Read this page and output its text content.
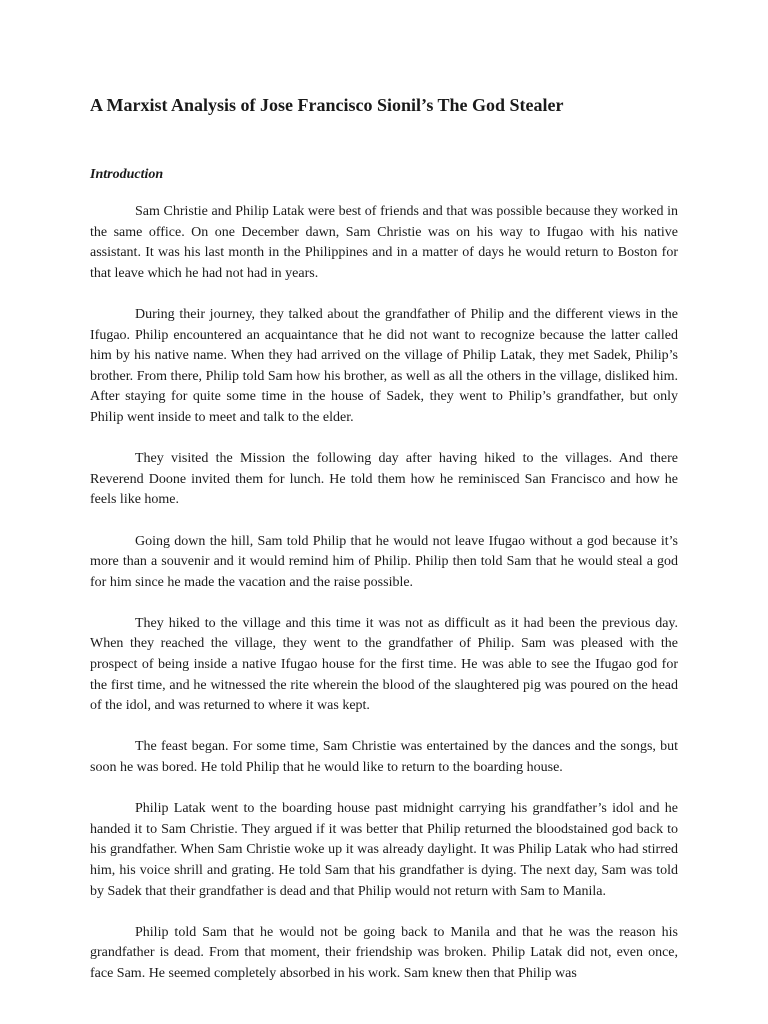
A Marxist Analysis of Jose Francisco Sionil’s The God Stealer
Introduction

Sam Christie and Philip Latak were best of friends and that was possible because they worked in the same office. On one December dawn, Sam Christie was on his way to Ifugao with his native assistant. It was his last month in the Philippines and in a matter of days he would return to Boston for that leave which he had not had in years.

During their journey, they talked about the grandfather of Philip and the different views in the Ifugao. Philip encountered an acquaintance that he did not want to recognize because the latter called him by his native name. When they had arrived on the village of Philip Latak, they met Sadek, Philip’s brother. From there, Philip told Sam how his brother, as well as all the others in the village, disliked him. After staying for quite some time in the house of Sadek, they went to Philip’s grandfather, but only Philip went inside to meet and talk to the elder.

They visited the Mission the following day after having hiked to the villages. And there Reverend Doone invited them for lunch. He told them how he reminisced San Francisco and how he feels like home.

Going down the hill, Sam told Philip that he would not leave Ifugao without a god because it’s more than a souvenir and it would remind him of Philip. Philip then told Sam that he would steal a god for him since he made the vacation and the raise possible.

They hiked to the village and this time it was not as difficult as it had been the previous day. When they reached the village, they went to the grandfather of Philip. Sam was pleased with the prospect of being inside a native Ifugao house for the first time. He was able to see the Ifugao god for the first time, and he witnessed the rite wherein the blood of the slaughtered pig was poured on the head of the idol, and was returned to where it was kept.

The feast began. For some time, Sam Christie was entertained by the dances and the songs, but soon he was bored. He told Philip that he would like to return to the boarding house.

Philip Latak went to the boarding house past midnight carrying his grandfather’s idol and he handed it to Sam Christie. They argued if it was better that Philip returned the bloodstained god back to his grandfather. When Sam Christie woke up it was already daylight. It was Philip Latak who had stirred him, his voice shrill and grating. He told Sam that his grandfather is dying. The next day, Sam was told by Sadek that their grandfather is dead and that Philip would not return with Sam to Manila.

Philip told Sam that he would not be going back to Manila and that he was the reason his grandfather is dead. From that moment, their friendship was broken. Philip Latak did not, even once, face Sam. He seemed completely absorbed in his work. Sam knew then that Philip was
